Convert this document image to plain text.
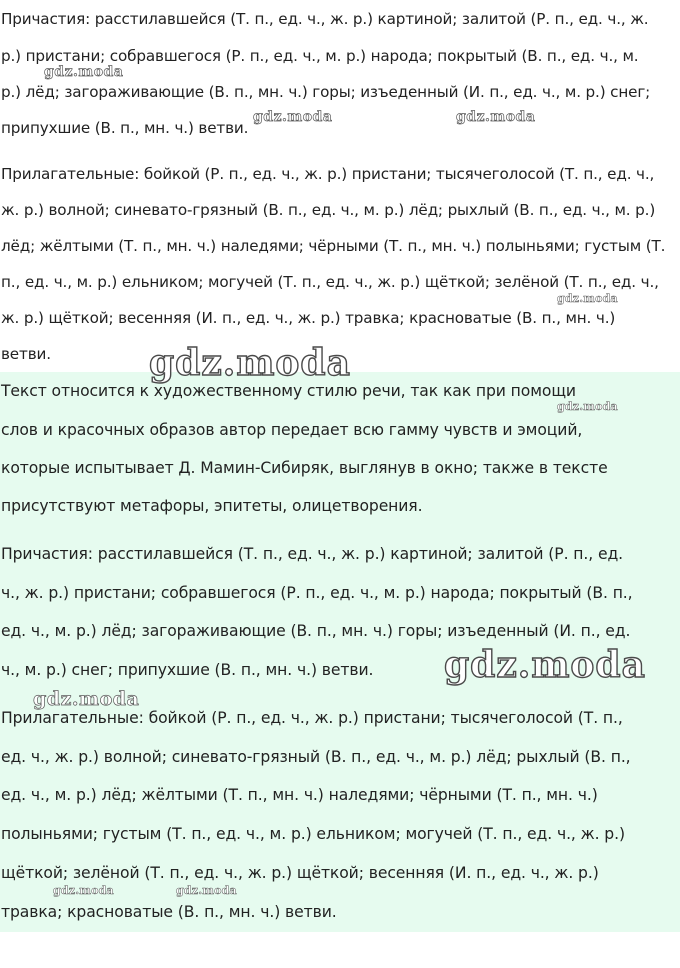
Причастия: расстилавшейся (Т. п., ед. ч., ж. р.) картиной; залитой (Р. п., ед. ч., ж.
р.) пристани; собравшегося (Р. п., ед. ч., м. р.) народа; покрытый (В. п., ед. ч., м.
р.) лёд; загораживающие (В. п., мн. ч.) горы; изъеденный (И. п., ед. ч., м. р.) снег;
припухшие (В. п., мн. ч.) ветви.
Прилагательные: бойкой (Р. п., ед. ч., ж. р.) пристани; тысячеголосой (Т. п., ед. ч.,
ж. р.) волной; синевато-грязный (В. п., ед. ч., м. р.) лёд; рыхлый (В. п., ед. ч., м. р.)
лёд; жёлтыми (Т. п., мн. ч.) наледями; чёрными (Т. п., мн. ч.) полыньями; густым (Т.
п., ед. ч., м. р.) ельником; могучей (Т. п., ед. ч., ж. р.) щёткой; зелёной (Т. п., ед. ч.,
ж. р.) щёткой; весенняя (И. п., ед. ч., ж. р.) травка; красноватые (В. п., мн. ч.)
ветви.
Текст относится к художественному стилю речи, так как при помощи
слов и красочных образов автор передает всю гамму чувств и эмоций,
которые испытывает Д. Мамин-Сибиряк, выглянув в окно; также в тексте
присутствуют метафоры, эпитеты, олицетворения.
Причастия: расстилавшейся (Т. п., ед. ч., ж. р.) картиной; залитой (Р. п., ед.
ч., ж. р.) пристани; собравшегося (Р. п., ед. ч., м. р.) народа; покрытый (В. п.,
ед. ч., м. р.) лёд; загораживающие (В. п., мн. ч.) горы; изъеденный (И. п., ед.
ч., м. р.) снег; припухшие (В. п., мн. ч.) ветви.
Прилагательные: бойкой (Р. п., ед. ч., ж. р.) пристани; тысячеголосой (Т. п.,
ед. ч., ж. р.) волной; синевато-грязный (В. п., ед. ч., м. р.) лёд; рыхлый (В. п.,
ед. ч., м. р.) лёд; жёлтыми (Т. п., мн. ч.) наледями; чёрными (Т. п., мн. ч.)
полыньями; густым (Т. п., ед. ч., м. р.) ельником; могучей (Т. п., ед. ч., ж. р.)
щёткой; зелёной (Т. п., ед. ч., ж. р.) щёткой; весенняя (И. п., ед. ч., ж. р.)
травка; красноватые (В. п., мн. ч.) ветви.
gdz.moda
gdz.moda	gdz.moda
gdz.moda
gdz.moda
gdz.moda
gdz.moda
gdz.moda
gdz.moda	gdz.moda
